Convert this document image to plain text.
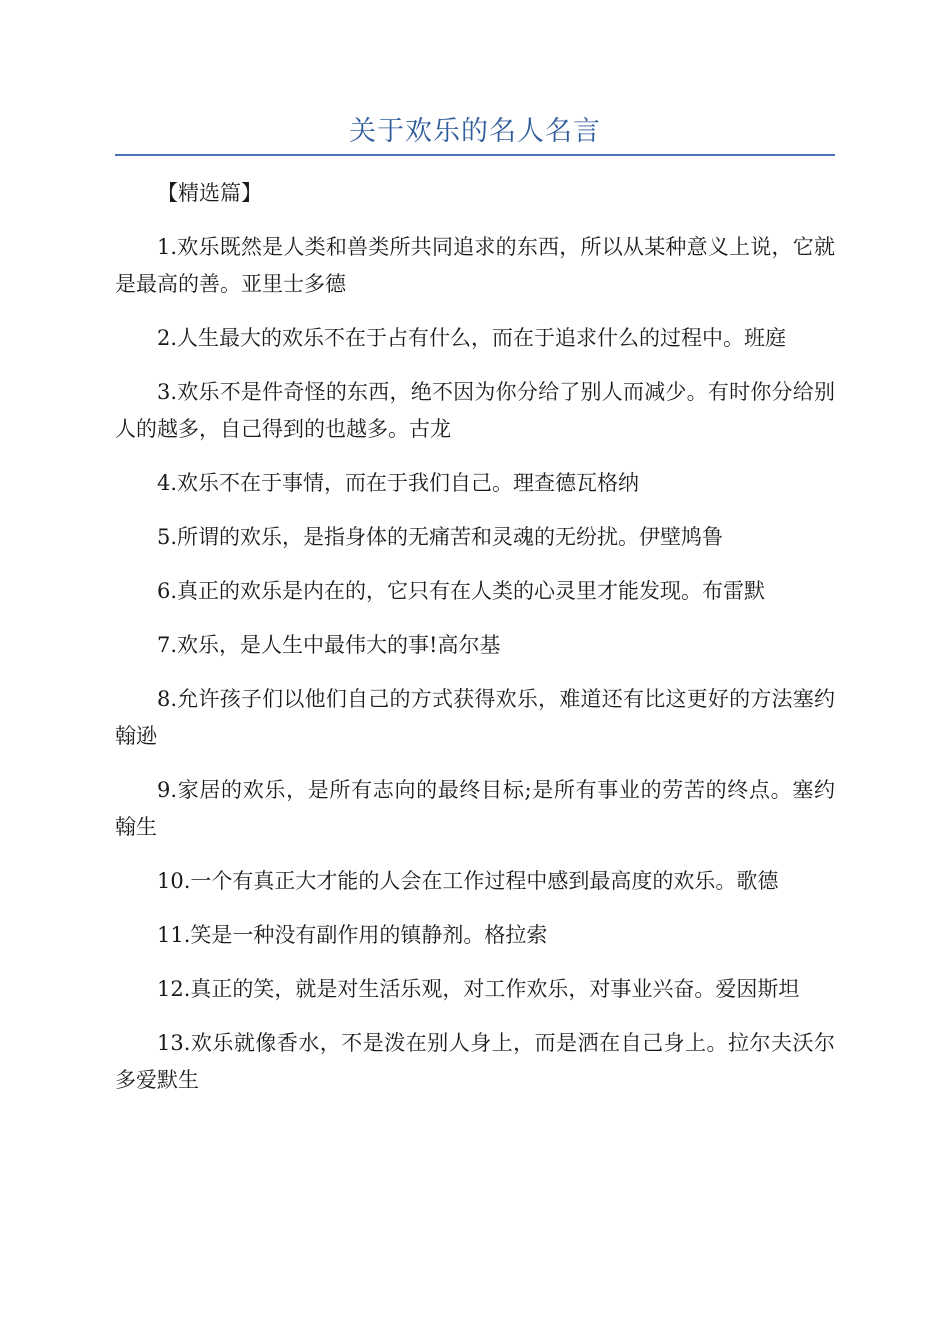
关于欢乐的名人名言

【精选篇】

1.欢乐既然是人类和兽类所共同追求的东西，所以从某种意义上说，它就是最高的善。亚里士多德

2.人生最大的欢乐不在于占有什么，而在于追求什么的过程中。班庭

3.欢乐不是件奇怪的东西，绝不因为你分给了别人而减少。有时你分给别人的越多，自己得到的也越多。古龙

4.欢乐不在于事情，而在于我们自己。理查德瓦格纳

5.所谓的欢乐，是指身体的无痛苦和灵魂的无纷扰。伊壁鸠鲁

6.真正的欢乐是内在的，它只有在人类的心灵里才能发现。布雷默

7.欢乐，是人生中最伟大的事!高尔基

8.允许孩子们以他们自己的方式获得欢乐，难道还有比这更好的方法塞约翰逊

9.家居的欢乐，是所有志向的最终目标;是所有事业的劳苦的终点。塞约翰生

10.一个有真正大才能的人会在工作过程中感到最高度的欢乐。歌德

11.笑是一种没有副作用的镇静剂。格拉索

12.真正的笑，就是对生活乐观，对工作欢乐，对事业兴奋。爱因斯坦

13.欢乐就像香水，不是泼在别人身上，而是洒在自己身上。拉尔夫沃尔多爱默生
